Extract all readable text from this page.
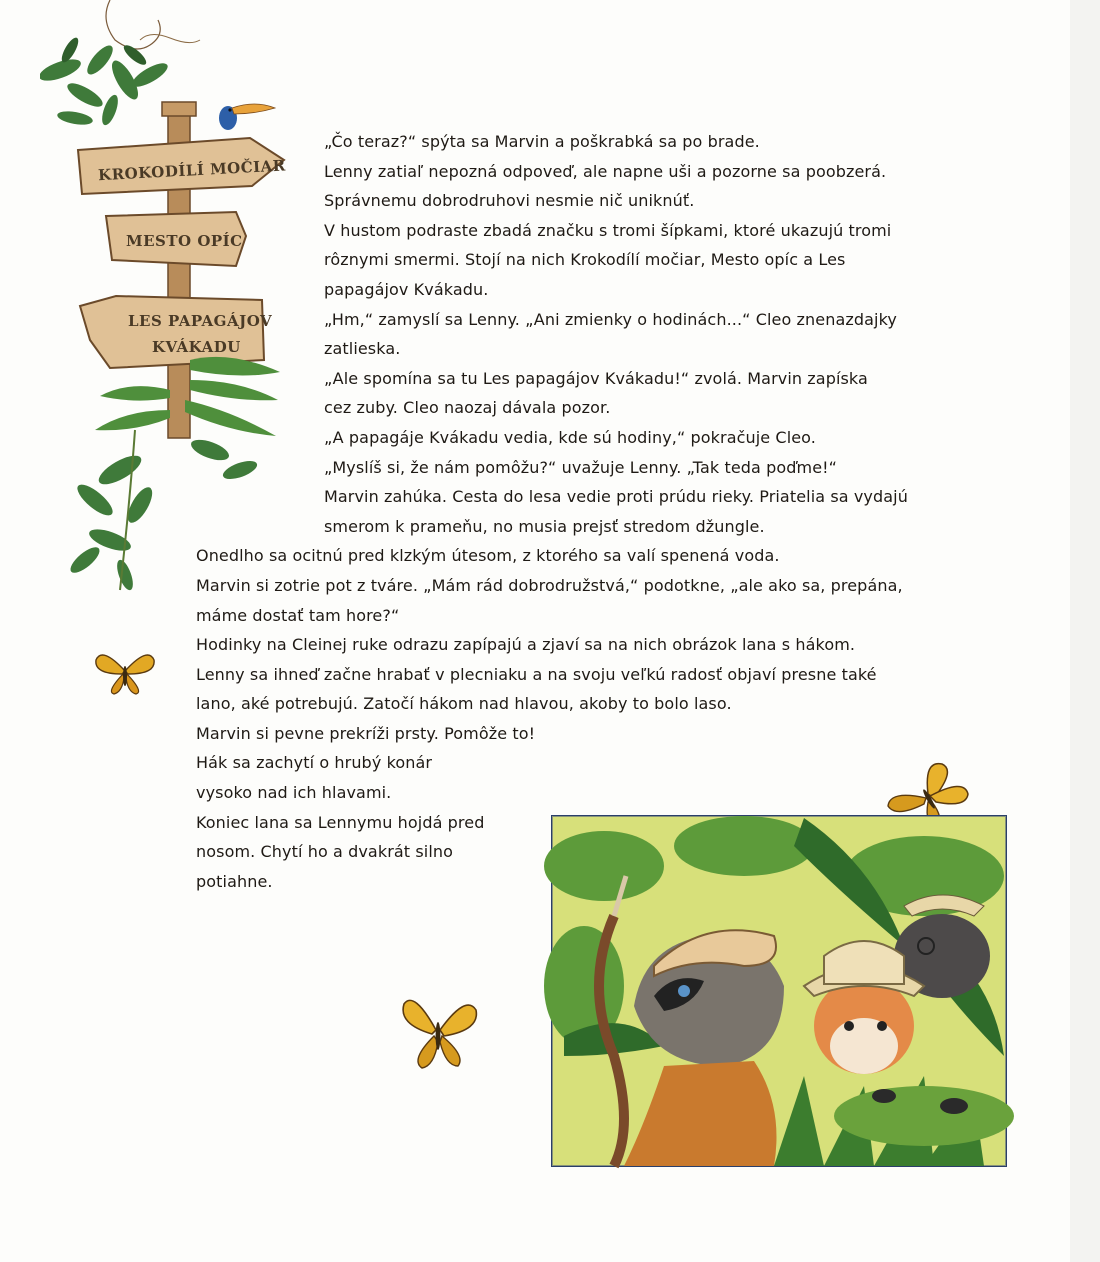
KROKODÍLÍ MOČIAR
MESTO OPÍC
LES PAPAGÁJOV
KVÁKADU
„Čo teraz?“ spýta sa Marvin a poškrabká sa po brade.
Lenny zatiaľ nepozná odpoveď, ale napne uši a pozorne sa poobzerá.
Správnemu dobrodruhovi nesmie nič uniknúť.
V hustom podraste zbadá značku s tromi šípkami, ktoré ukazujú tromi
rôznymi smermi. Stojí na nich Krokodílí močiar, Mesto opíc a Les
papagájov Kvákadu.
„Hm,“ zamyslí sa Lenny. „Ani zmienky o hodinách...“ Cleo znenazdajky
zatlieska.
„Ale spomína sa tu Les papagájov Kvákadu!“ zvolá. Marvin zapíska
cez zuby. Cleo naozaj dávala pozor.
„A papagáje Kvákadu vedia, kde sú hodiny,“ pokračuje Cleo.
„Myslíš si, že nám pomôžu?“ uvažuje Lenny. „Tak teda poďme!“
Marvin zahúka. Cesta do lesa vedie proti prúdu rieky. Priatelia sa vydajú
smerom k prameňu, no musia prejsť stredom džungle.
Onedlho sa ocitnú pred klzkým útesom, z ktorého sa valí spenená voda.
Marvin si zotrie pot z tváre. „Mám rád dobrodružstvá,“ podotkne, „ale ako sa, prepána,
máme dostať tam hore?“
Hodinky na Cleinej ruke odrazu zapípajú a zjaví sa na nich obrázok lana s hákom.
Lenny sa ihneď začne hrabať v plecniaku a na svoju veľkú radosť objaví presne také
lano, aké potrebujú. Zatočí hákom nad hlavou, akoby to bolo laso.
Marvin si pevne prekríži prsty. Pomôže to!
Hák sa zachytí o hrubý konár
vysoko nad ich hlavami.
Koniec lana sa Lennymu hojdá pred
nosom. Chytí ho a dvakrát silno
potiahne.
